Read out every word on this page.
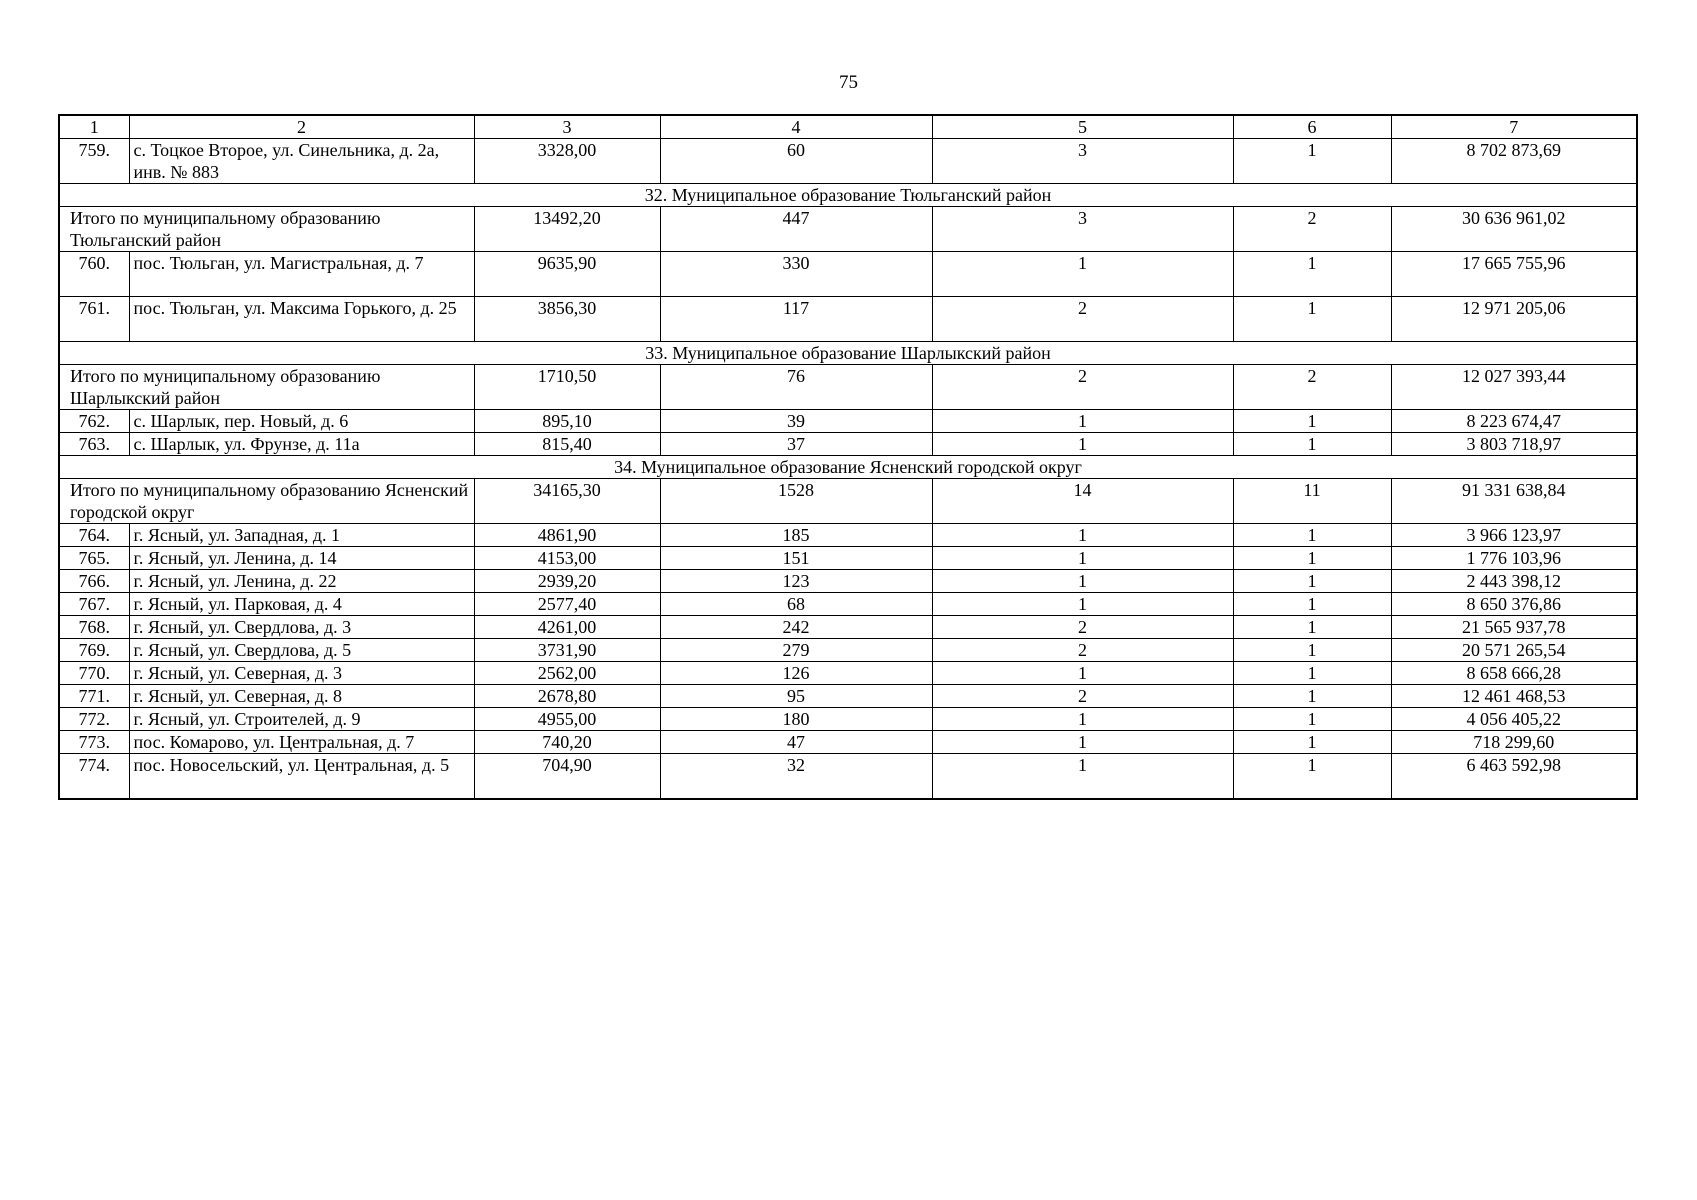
75
1	2	3	4	5	6	7
759.	с. Тоцкое Второе, ул. Синельника, д. 2а, инв. № 883	3328,00	60	3	1	8 702 873,69
32. Муниципальное образование Тюльганский район						
Итого по муниципальному образованию Тюльганский район		13492,20	447	3	2	30 636 961,02
760.	пос. Тюльган, ул. Магистральная, д. 7	9635,90	330	1	1	17 665 755,96
761.	пос. Тюльган, ул. Максима Горького, д. 25	3856,30	117	2	1	12 971 205,06
33. Муниципальное образование Шарлыкский район						
Итого по муниципальному образованию Шарлыкский район		1710,50	76	2	2	12 027 393,44
762.	с. Шарлык, пер. Новый, д. 6	895,10	39	1	1	8 223 674,47
763.	с. Шарлык, ул. Фрунзе, д. 11а	815,40	37	1	1	3 803 718,97
34. Муниципальное образование Ясненский городской округ						
Итого по муниципальному образованию Ясненский городской округ		34165,30	1528	14	11	91 331 638,84
764.	г. Ясный, ул. Западная, д. 1	4861,90	185	1	1	3 966 123,97
765.	г. Ясный, ул. Ленина, д. 14	4153,00	151	1	1	1 776 103,96
766.	г. Ясный, ул. Ленина, д. 22	2939,20	123	1	1	2 443 398,12
767.	г. Ясный, ул. Парковая, д. 4	2577,40	68	1	1	8 650 376,86
768.	г. Ясный, ул. Свердлова, д. 3	4261,00	242	2	1	21 565 937,78
769.	г. Ясный, ул. Свердлова, д. 5	3731,90	279	2	1	20 571 265,54
770.	г. Ясный, ул. Северная, д. 3	2562,00	126	1	1	8 658 666,28
771.	г. Ясный, ул. Северная, д. 8	2678,80	95	2	1	12 461 468,53
772.	г. Ясный, ул. Строителей, д. 9	4955,00	180	1	1	4 056 405,22
773.	пос. Комарово, ул. Центральная, д. 7	740,20	47	1	1	718 299,60
774.	пос. Новосельский, ул. Центральная, д. 5	704,90	32	1	1	6 463 592,98
